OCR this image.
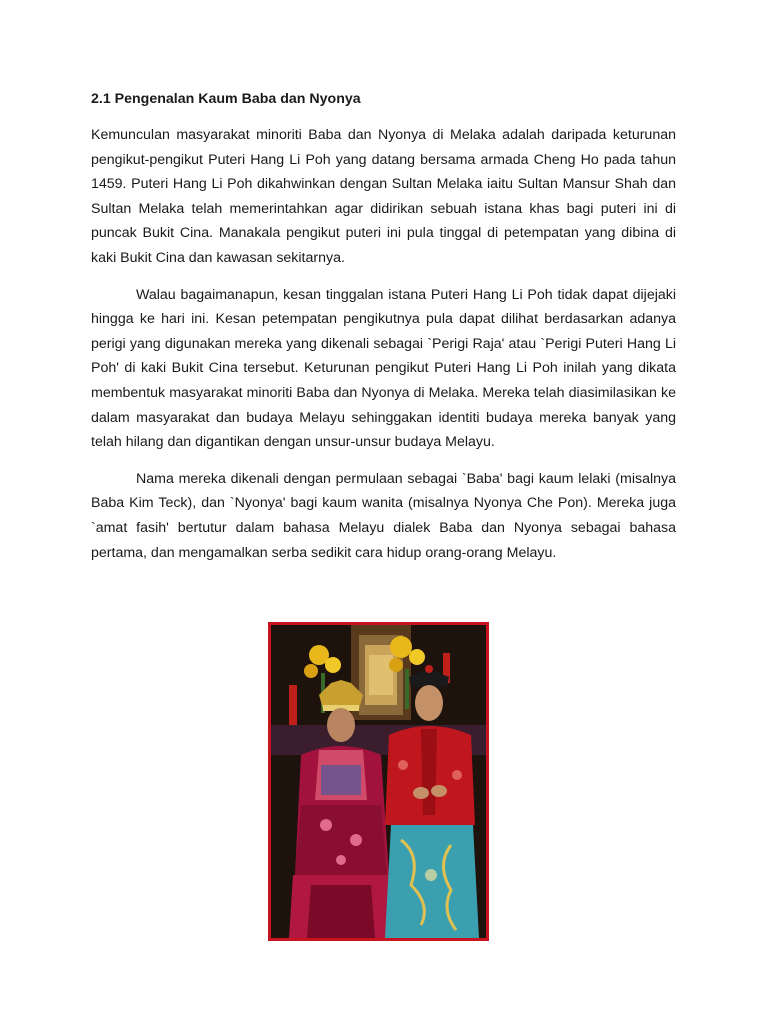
2.1 Pengenalan Kaum Baba dan Nyonya

Kemunculan masyarakat minoriti Baba dan Nyonya di Melaka adalah daripada keturunan pengikut-pengikut Puteri Hang Li Poh yang datang bersama armada Cheng Ho pada tahun 1459. Puteri Hang Li Poh dikahwinkan dengan Sultan Melaka iaitu Sultan Mansur Shah dan Sultan Melaka telah memerintahkan agar didirikan sebuah istana khas bagi puteri ini di puncak Bukit Cina. Manakala pengikut puteri ini pula tinggal di petempatan yang dibina di kaki Bukit Cina dan kawasan sekitarnya.

Walau bagaimanapun, kesan tinggalan istana Puteri Hang Li Poh tidak dapat dijejaki hingga ke hari ini. Kesan petempatan pengikutnya pula dapat dilihat berdasarkan adanya perigi yang digunakan mereka yang dikenali sebagai `Perigi Raja' atau `Perigi Puteri Hang Li Poh' di kaki Bukit Cina tersebut. Keturunan pengikut Puteri Hang Li Poh inilah yang dikata membentuk masyarakat minoriti Baba dan Nyonya di Melaka. Mereka telah diasimilasikan ke dalam masyarakat dan budaya Melayu sehinggakan identiti budaya mereka banyak yang telah hilang dan digantikan dengan unsur-unsur budaya Melayu.

Nama mereka dikenali dengan permulaan sebagai `Baba' bagi kaum lelaki (misalnya Baba Kim Teck), dan `Nyonya' bagi kaum wanita (misalnya Nyonya Che Pon). Mereka juga `amat fasih' bertutur dalam bahasa Melayu dialek Baba dan Nyonya sebagai bahasa pertama, dan mengamalkan serba sedikit cara hidup orang-orang Melayu.
